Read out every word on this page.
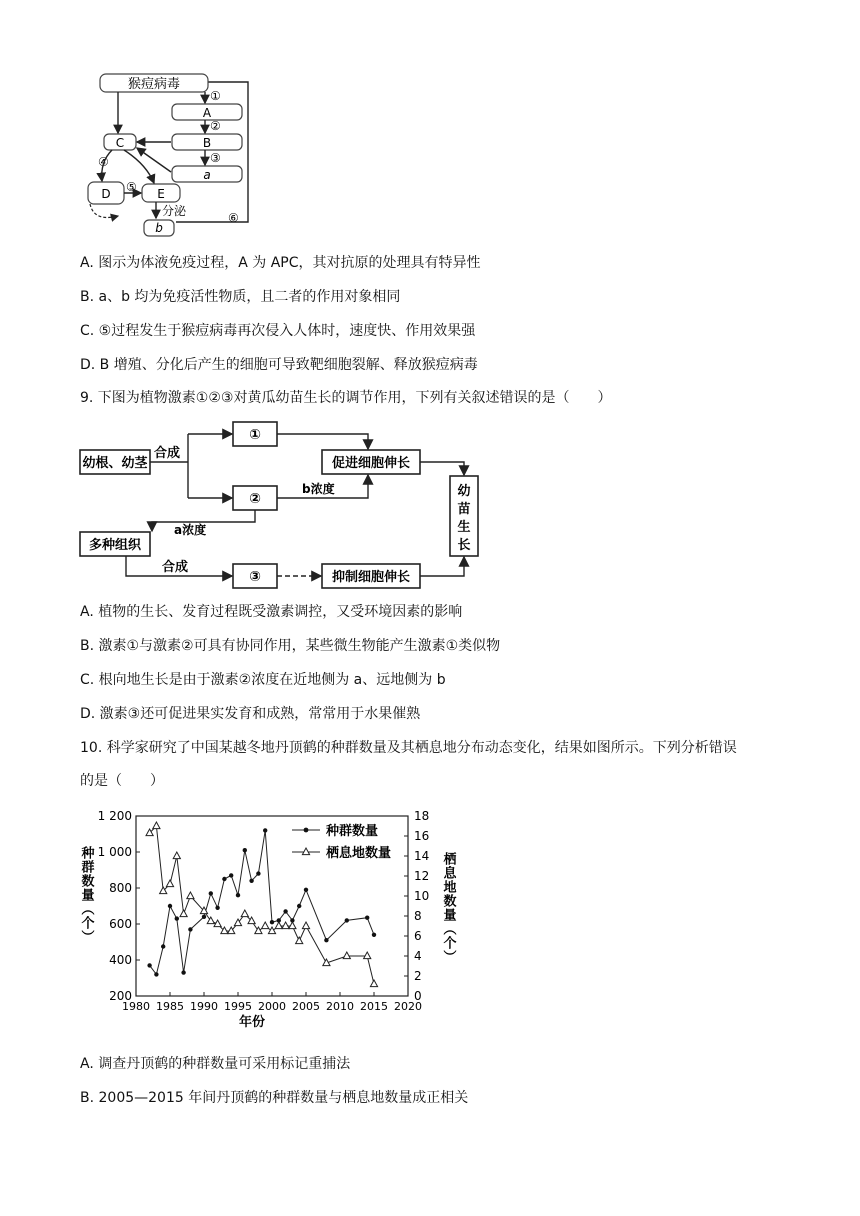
猴痘病毒
A
B
a
①
②
③
C
D	E
④
⑤
分泌
b
⑥
A. 图示为体液免疫过程，A 为 APC，其对抗原的处理具有特异性
B. a、b 均为免疫活性物质，且二者的作用对象相同
C. ⑤过程发生于猴痘病毒再次侵入人体时，速度快、作用效果强
D. B 增殖、分化后产生的细胞可导致靶细胞裂解、释放猴痘病毒
9. 下图为植物激素①②③对黄瓜幼苗生长的调节作用，下列有关叙述错误的是（　　）
幼根、幼茎
合成
①
促进细胞伸长
②
b浓度
a浓度
多种组织
合成
③	抑制细胞伸长
幼
苗
生
长
A. 植物的生长、发育过程既受激素调控，又受环境因素的影响
B. 激素①与激素②可具有协同作用，某些微生物能产生激素①类似物
C. 根向地生长是由于激素②浓度在近地侧为 a、远地侧为 b
D. 激素③还可促进果实发育和成熟，常常用于水果催熟
10. 科学家研究了中国某越冬地丹顶鹤的种群数量及其栖息地分布动态变化，结果如图所示。下列分析错误
的是（　　）
1980 1985 1990 1995 2000 2005 2010 2015 2020
200
400
600
800
1 000
1 200
0
2
4
6
8
10
12
14
16
18
种群数量（个）	栖息地数量（个）
年份
种群数量
栖息地数量
A. 调查丹顶鹤的种群数量可采用标记重捕法
B. 2005—2015 年间丹顶鹤的种群数量与栖息地数量成正相关
